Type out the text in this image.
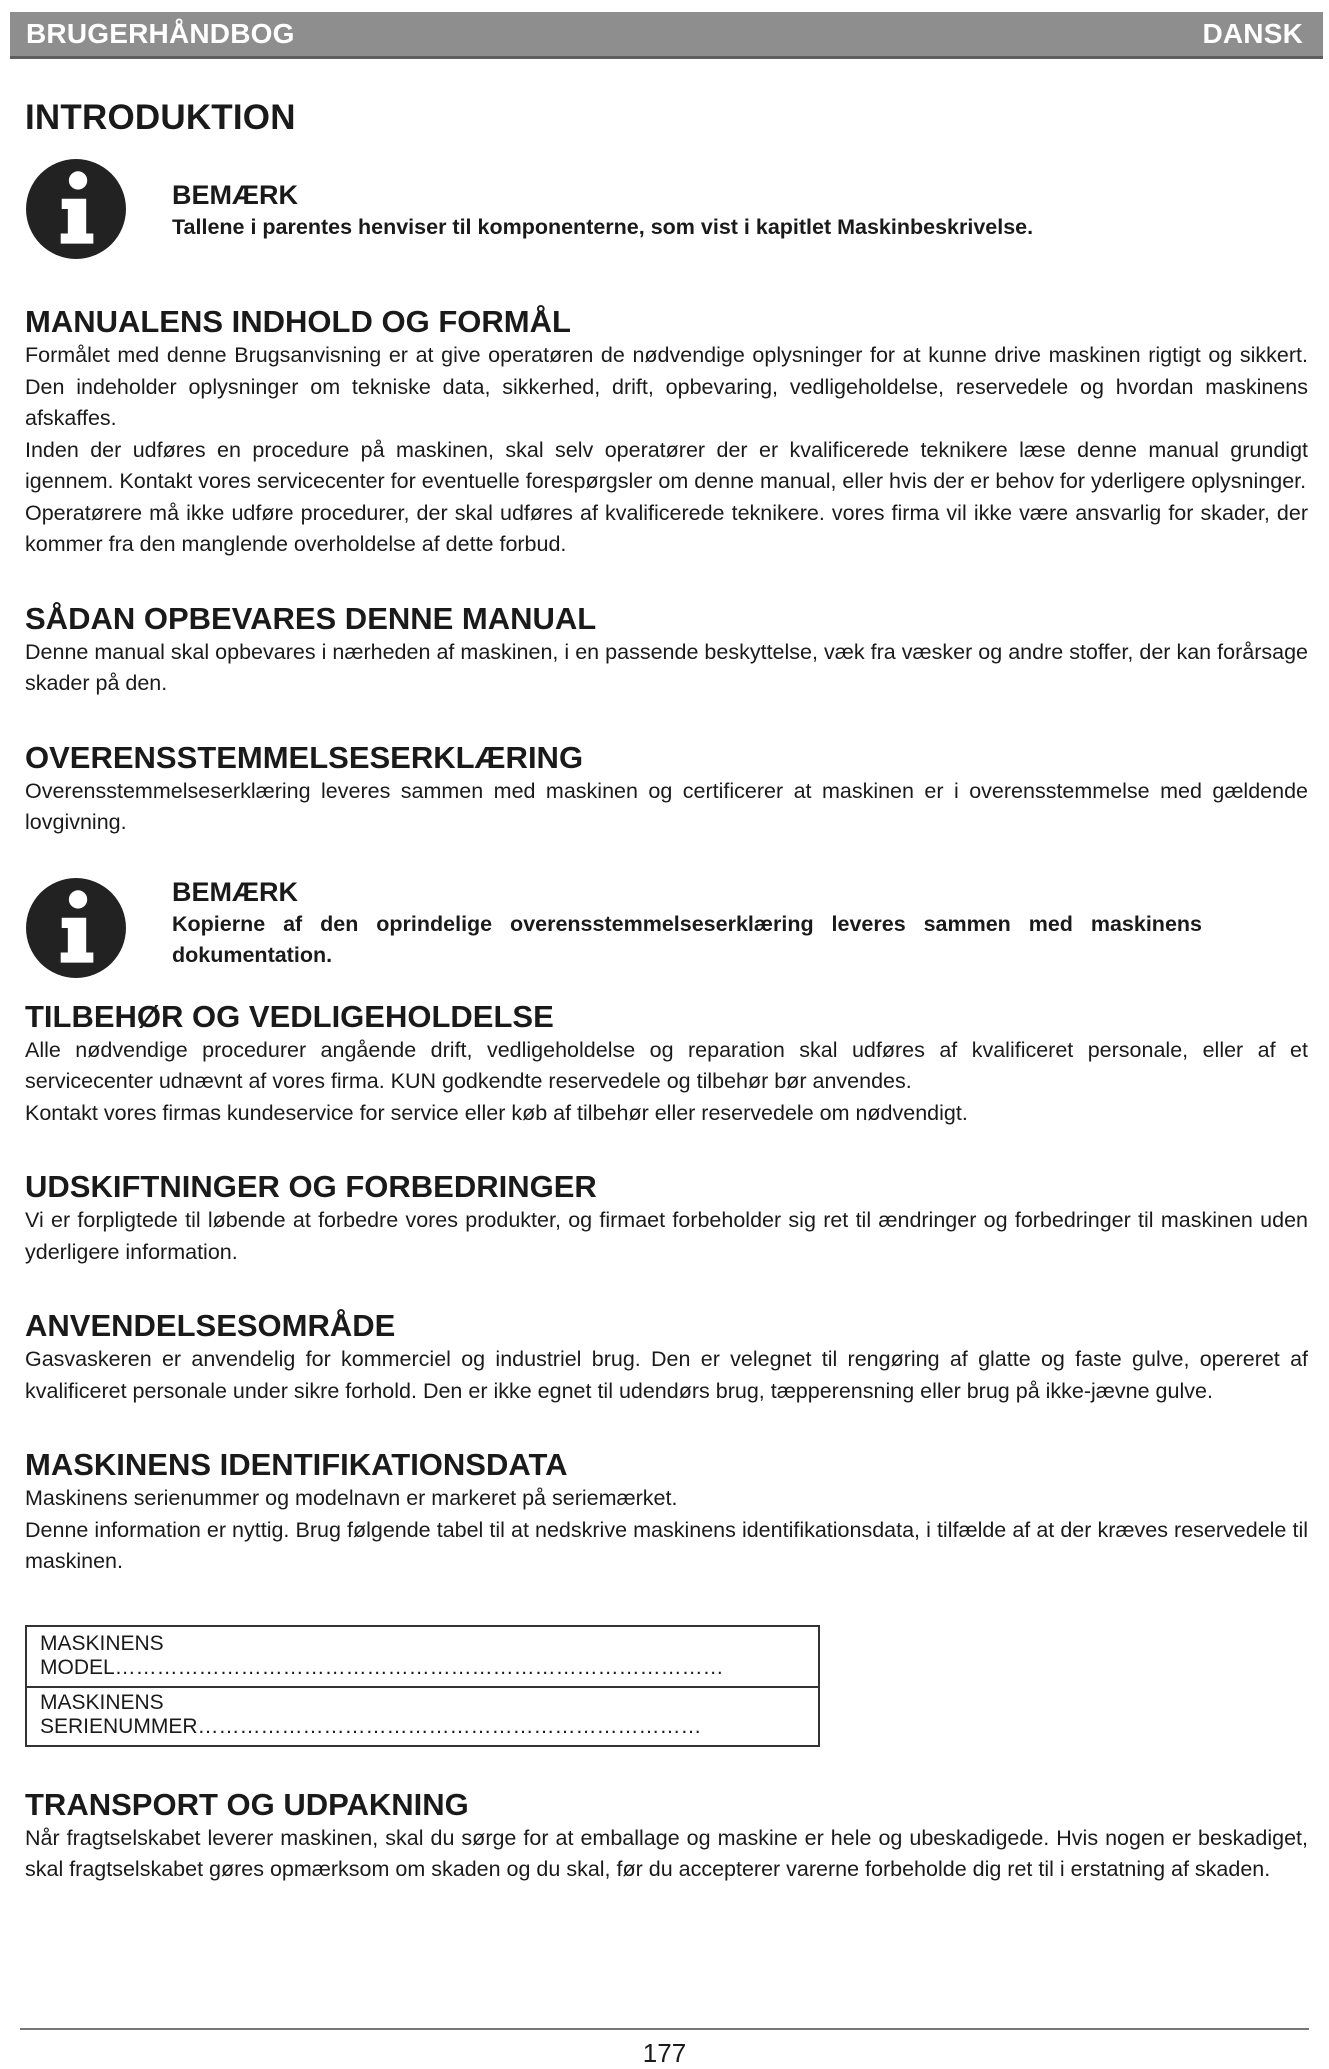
BRUGERHÅNDBOG	DANSK
INTRODUKTION
BEMÆRK
Tallene i parentes henviser til komponenterne, som vist i kapitlet Maskinbeskrivelse.
MANUALENS INDHOLD OG FORMÅL

Formålet med denne Brugsanvisning er at give operatøren de nødvendige oplysninger for at kunne drive maskinen rigtigt og sikkert. Den indeholder oplysninger om tekniske data, sikkerhed, drift, opbevaring, vedligeholdelse, reservedele og hvordan maskinens afskaffes.

Inden der udføres en procedure på maskinen, skal selv operatører der er kvalificerede teknikere læse denne manual grundigt igennem. Kontakt vores servicecenter for eventuelle forespørgsler om denne manual, eller hvis der er behov for yderligere oplysninger.

Operatørere må ikke udføre procedurer, der skal udføres af kvalificerede teknikere. vores firma vil ikke være ansvarlig for skader, der kommer fra den manglende overholdelse af dette forbud.

SÅDAN OPBEVARES DENNE MANUAL

Denne manual skal opbevares i nærheden af maskinen, i en passende beskyttelse, væk fra væsker og andre stoffer, der kan forårsage skader på den.

OVERENSSTEMMELSESERKLÆRING

Overensstemmelseserklæring leveres sammen med maskinen og certificerer at maskinen er i overensstemmelse med gældende lovgivning.

BEMÆRK
Kopierne af den oprindelige overensstemmelseserklæring leveres sammen med maskinens dokumentation.
TILBEHØR OG VEDLIGEHOLDELSE

Alle nødvendige procedurer angående drift, vedligeholdelse og reparation skal udføres af kvalificeret personale, eller af et servicecenter udnævnt af vores firma. KUN godkendte reservedele og tilbehør bør anvendes.

Kontakt vores firmas kundeservice for service eller køb af tilbehør eller reservedele om nødvendigt.

UDSKIFTNINGER OG FORBEDRINGER

Vi er forpligtede til løbende at forbedre vores produkter, og firmaet forbeholder sig ret til ændringer og forbedringer til maskinen uden yderligere information.

ANVENDELSESOMRÅDE

Gasvaskeren er anvendelig for kommerciel og industriel brug. Den er velegnet til rengøring af glatte og faste gulve, opereret af kvalificeret personale under sikre forhold. Den er ikke egnet til udendørs brug, tæpperensning eller brug på ikke-jævne gulve.

MASKINENS IDENTIFIKATIONSDATA

Maskinens serienummer og modelnavn er markeret på seriemærket.

Denne information er nyttig. Brug følgende tabel til at nedskrive maskinens identifikationsdata, i tilfælde af at der kræves reservedele til maskinen.

MASKINENS MODEL……………………………………………………………………………
MASKINENS SERIENUMMER………………………………………………………………
TRANSPORT OG UDPAKNING

Når fragtselskabet leverer maskinen, skal du sørge for at emballage og maskine er hele og ubeskadigede. Hvis nogen er beskadiget, skal fragtselskabet gøres opmærksom om skaden og du skal, før du accepterer varerne forbeholde dig ret til i erstatning af skaden.

177
